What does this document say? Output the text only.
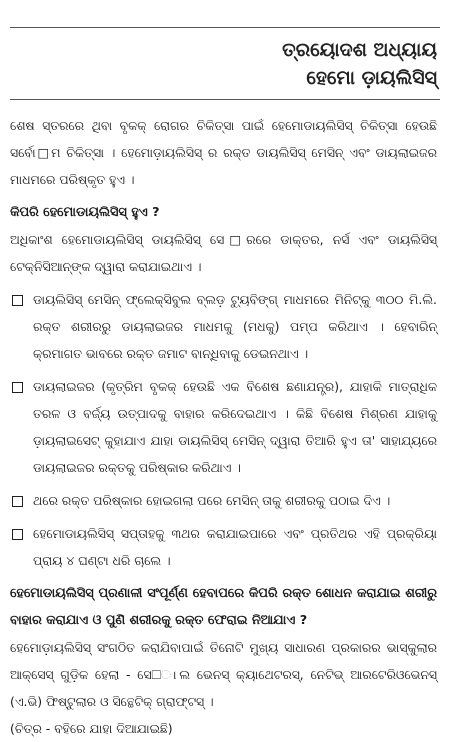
ତ୍ରୟୋଦଶ ଅଧ୍ୟାୟ
ହେମୋ ଡ଼ାୟଲିସିସ୍

ଶେଷ ସ୍ତରରେ ଥିବା ବୃକକ୍ ରୋଗର ଚିକିତ୍ସା ପାଇଁ ହେମୋଡାୟଲିସିସ୍ ଚିକିତ୍ସା ହେଉଛି ସର୍ବୋ□ମ ଚିକିତ୍ସା । ହେମୋଡ଼ାୟଲିସିସ୍ ର ରକ୍ତ ଡାୟଲିସିସ୍ ମେସିନ୍ ଏବଂ ଡାୟଲାଇଜର ମାଧମରେ ପରିଷ୍କୃତ ହୁଏ ।

କିପରି ହେମୋଡାୟଲିସିସ୍ ହୁଏ ?

ଅଧିକାଂଶ ହେମୋଡାୟଲିସିସ୍ ଡାୟଲିସିସ୍ ସେ□ରରେ ଡାକ୍ତର, ନର୍ସ ଏବଂ ଡାୟଲିସିସ୍ ଟେକ୍ନିସିଆନ୍‌ଙ୍କ ଦ୍ୱାରା କରାଯାଇଥାଏ ।

ଡାୟଲିସିସ୍ ମେସିନ୍ ଫ୍ଲେକ୍ସିବୁଲ ବ୍ଲଡ଼ ଟ୍ୟୁବିଙ୍ଗ୍ ମାଧମରେ ମିନିଟ୍‌କୁ ୩୦୦ ମି.ଲି. ରକ୍ତ ଶରୀରରୁ ଡାୟଲାଇଜର ମାଧମକୁ (ମଧକୁ) ପମ୍ପ କରିଥାଏ । ହେବାରିନ୍ କ୍ରମାଗତ ଭାବରେ ରକ୍ତ ଜମାଟ ବାନ୍ଧିବାକୁ ଡେଇନଥାଏ ।

ଡାୟଲାଇଜର (କୃତ୍ରିମ ବୃକକ୍ ହେଉଛି ଏକ ବିଶେଷ ଛଣାଯନ୍ତ୍ର), ଯାହାକି ମାତ୍ରାଧିକ ତରଳ ଓ ବର୍ଜ୍ୟ ଉତ୍ପାଦକୁ ବାହାର କରିଦେଇଥାଏ । କିଛି ବିଶେଷ ମିଶ୍ରଣ ଯାହାକୁ ଡ଼ାୟଲାଇସେଟ୍ କୁହାଯାଏ ଯାହା ଡାୟଲିସିସ୍ ମେସିନ୍ ଦ୍ୱାରା ତିଆରି ହୁଏ ତା' ସାହାଯ୍ୟରେ ଡାୟଲାଇଜର ରକ୍ତକୁ ପରିଷ୍କାର କରିଥାଏ ।

ଥରେ ରକ୍ତ ପରିଷ୍କାର ହୋଇଗଲା ପରେ ମେସିନ୍ ତାକୁ ଶରୀରକୁ ପଠାଇ ଦିଏ ।

ହେମୋଡାୟଲିସିସ୍ ସପ୍ତାହକୁ ୩ଥର କରାଯାଇପାରେ ଏବଂ ପ୍ରତିଥର ଏହି ପ୍ରକ୍ରିୟା ପ୍ରାୟ ୪ ଘଣ୍ଟା ଧରି ଚାଲେ ।

ହେମୋଡାୟଲିସିସ୍ ପ୍ରଣାଳୀ ସଂପୂର୍ଣ୍ଣ ହେବାପରେ କିପରି ରକ୍ତ ଶୋଧନ କରାଯାଇ ଶରୀରୁ ବାହାର କରାଯାଏ ଓ ପୁଣି ଶରୀରକୁ ରକ୍ତ ଫେରାଇ ନିଆଯାଏ ?

ହେମୋଡ଼ାୟଲିସିସ୍ ସଂଗଠିତ କରାଯିବାପାଇଁ ତିନୋଟି ମୁଖ୍ୟ ସାଧାରଣ ପ୍ରକାରର ଭାସ୍କୁଲାର ଆକ୍ସେସ୍ ଗୁଡ଼ିକ ହେଲା - ସେ□ାଲ ଭେନସ୍ କ୍ୟାଥେଟରସ୍, ନେଟିଭ୍ ଆରଟେରିଓଭେନସ୍ (ଏ.ଭି) ଫିଷ୍ଟୁଲାର ଓ ସିନ୍ଥେଟିକ୍ ଗ୍ରାଫ୍‌ଟସ୍ ।

(ଚିତ୍ର - ବହିରେ ଯାହା ଦିଆଯାଇଛି)
